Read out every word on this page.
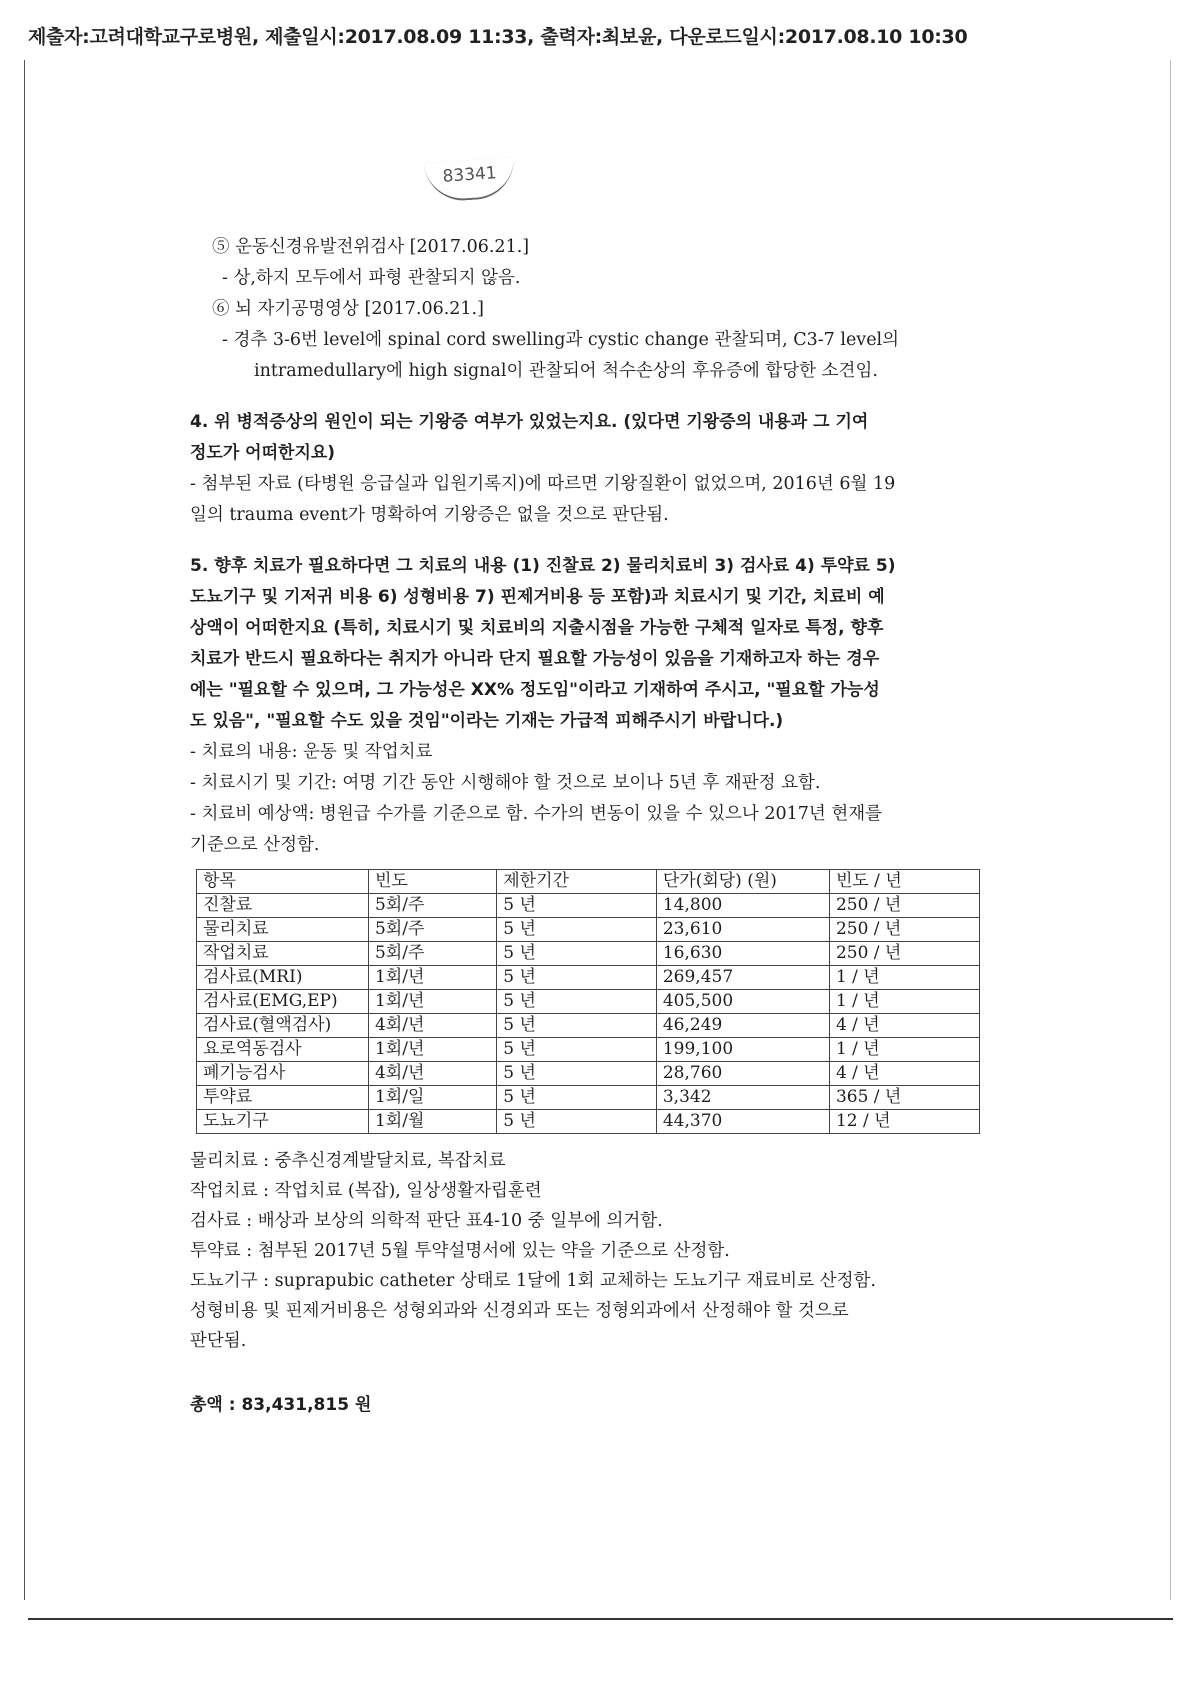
제출자:고려대학교구로병원, 제출일시:2017.08.09 11:33, 출력자:최보윤, 다운로드일시:2017.08.10 10:30
83341
⑤ 운동신경유발전위검사 [2017.06.21.]
- 상,하지 모두에서 파형 관찰되지 않음.
⑥ 뇌 자기공명영상 [2017.06.21.]
- 경추 3-6번 level에 spinal cord swelling과 cystic change 관찰되며, C3-7 level의
intramedullary에 high signal이 관찰되어 척수손상의 후유증에 합당한 소견임.
4. 위 병적증상의 원인이 되는 기왕증 여부가 있었는지요. (있다면 기왕증의 내용과 그 기여
정도가 어떠한지요)
- 첨부된 자료 (타병원 응급실과 입원기록지)에 따르면 기왕질환이 없었으며, 2016년 6월 19
일의 trauma event가 명확하여 기왕증은 없을 것으로 판단됨.
5. 향후 치료가 필요하다면 그 치료의 내용 (1) 진찰료 2) 물리치료비 3) 검사료 4) 투약료 5)
도뇨기구 및 기저귀 비용 6) 성형비용 7) 핀제거비용 등 포함)과 치료시기 및 기간, 치료비 예
상액이 어떠한지요 (특히, 치료시기 및 치료비의 지출시점을 가능한 구체적 일자로 특정, 향후
치료가 반드시 필요하다는 취지가 아니라 단지 필요할 가능성이 있음을 기재하고자 하는 경우
에는 "필요할 수 있으며, 그 가능성은 XX% 정도임"이라고 기재하여 주시고, "필요할 가능성
도 있음", "필요할 수도 있을 것임"이라는 기재는 가급적 피해주시기 바랍니다.)
- 치료의 내용: 운동 및 작업치료
- 치료시기 및 기간: 여명 기간 동안 시행해야 할 것으로 보이나 5년 후 재판정 요함.
- 치료비 예상액: 병원급 수가를 기준으로 함. 수가의 변동이 있을 수 있으나 2017년 현재를
기준으로 산정함.
항목	빈도	제한기간	단가(회당) (원)	빈도 / 년
진찰료	5회/주	5 년	14,800	250 / 년
물리치료	5회/주	5 년	23,610	250 / 년
작업치료	5회/주	5 년	16,630	250 / 년
검사료(MRI)	1회/년	5 년	269,457	1 / 년
검사료(EMG,EP)	1회/년	5 년	405,500	1 / 년
검사료(혈액검사)	4회/년	5 년	46,249	4 / 년
요로역동검사	1회/년	5 년	199,100	1 / 년
폐기능검사	4회/년	5 년	28,760	4 / 년
투약료	1회/일	5 년	3,342	365 / 년
도뇨기구	1회/월	5 년	44,370	12 / 년
물리치료 : 중추신경계발달치료, 복잡치료
작업치료 : 작업치료 (복잡), 일상생활자립훈련
검사료 : 배상과 보상의 의학적 판단 표4-10 중 일부에 의거함.
투약료 : 첨부된 2017년 5월 투약설명서에 있는 약을 기준으로 산정함.
도뇨기구 : suprapubic catheter 상태로 1달에 1회 교체하는 도뇨기구 재료비로 산정함.
성형비용 및 핀제거비용은 성형외과와 신경외과 또는 정형외과에서 산정해야 할 것으로
판단됨.
총액 : 83,431,815 원
